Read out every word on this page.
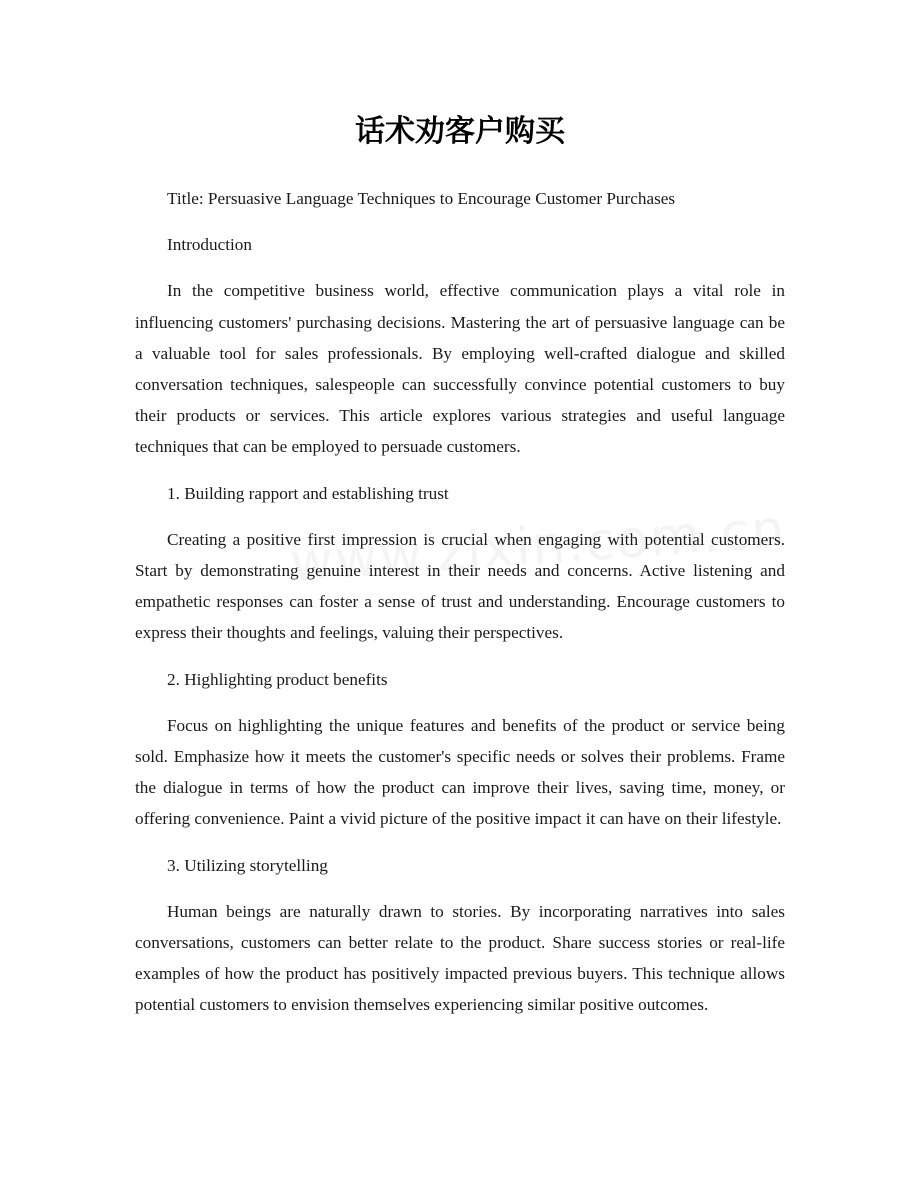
话术劝客户购买

Title: Persuasive Language Techniques to Encourage Customer Purchases

Introduction

In the competitive business world, effective communication plays a vital role in influencing customers' purchasing decisions. Mastering the art of persuasive language can be a valuable tool for sales professionals. By employing well-crafted dialogue and skilled conversation techniques, salespeople can successfully convince potential customers to buy their products or services. This article explores various strategies and useful language techniques that can be employed to persuade customers.

1. Building rapport and establishing trust

Creating a positive first impression is crucial when engaging with potential customers. Start by demonstrating genuine interest in their needs and concerns. Active listening and empathetic responses can foster a sense of trust and understanding. Encourage customers to express their thoughts and feelings, valuing their perspectives.

2. Highlighting product benefits

Focus on highlighting the unique features and benefits of the product or service being sold. Emphasize how it meets the customer's specific needs or solves their problems. Frame the dialogue in terms of how the product can improve their lives, saving time, money, or offering convenience. Paint a vivid picture of the positive impact it can have on their lifestyle.

3. Utilizing storytelling

Human beings are naturally drawn to stories. By incorporating narratives into sales conversations, customers can better relate to the product. Share success stories or real-life examples of how the product has positively impacted previous buyers. This technique allows potential customers to envision themselves experiencing similar positive outcomes.
